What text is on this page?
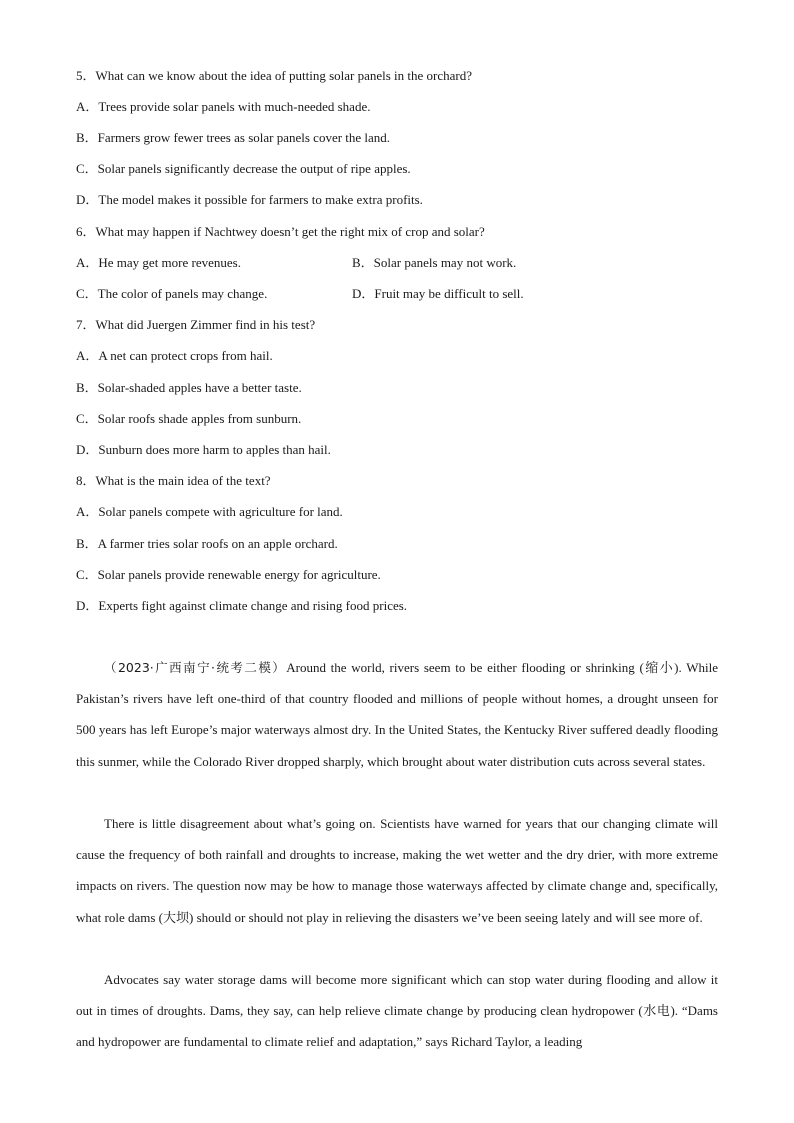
5．What can we know about the idea of putting solar panels in the orchard?
A．Trees provide solar panels with much-needed shade.
B．Farmers grow fewer trees as solar panels cover the land.
C．Solar panels significantly decrease the output of ripe apples.
D．The model makes it possible for farmers to make extra profits.
6．What may happen if Nachtwey doesn’t get the right mix of crop and solar?
A．He may get more revenues.	B．Solar panels may not work.
C．The color of panels may change.	D．Fruit may be difficult to sell.
7．What did Juergen Zimmer find in his test?
A．A net can protect crops from hail.
B．Solar-shaded apples have a better taste.
C．Solar roofs shade apples from sunburn.
D．Sunburn does more harm to apples than hail.
8．What is the main idea of the text?
A．Solar panels compete with agriculture for land.
B．A farmer tries solar roofs on an apple orchard.
C．Solar panels provide renewable energy for agriculture.
D．Experts fight against climate change and rising food prices.

（2023·广西南宁·统考二模）Around the world, rivers seem to be either flooding or shrinking (缩小). While Pakistan’s rivers have left one-third of that country flooded and millions of people without homes, a drought unseen for 500 years has left Europe’s major waterways almost dry. In the United States, the Kentucky River suffered deadly flooding this sunmer, while the Colorado River dropped sharply, which brought about water distribution cuts across several states.

There is little disagreement about what’s going on. Scientists have warned for years that our changing climate will cause the frequency of both rainfall and droughts to increase, making the wet wetter and the dry drier, with more extreme impacts on rivers. The question now may be how to manage those waterways affected by climate change and, specifically, what role dams (大坝) should or should not play in relieving the disasters we’ve been seeing lately and will see more of.

Advocates say water storage dams will become more significant which can stop water during flooding and allow it out in times of droughts. Dams, they say, can help relieve climate change by producing clean hydropower (水电). “Dams and hydropower are fundamental to climate relief and adaptation,” says Richard Taylor, a leading
